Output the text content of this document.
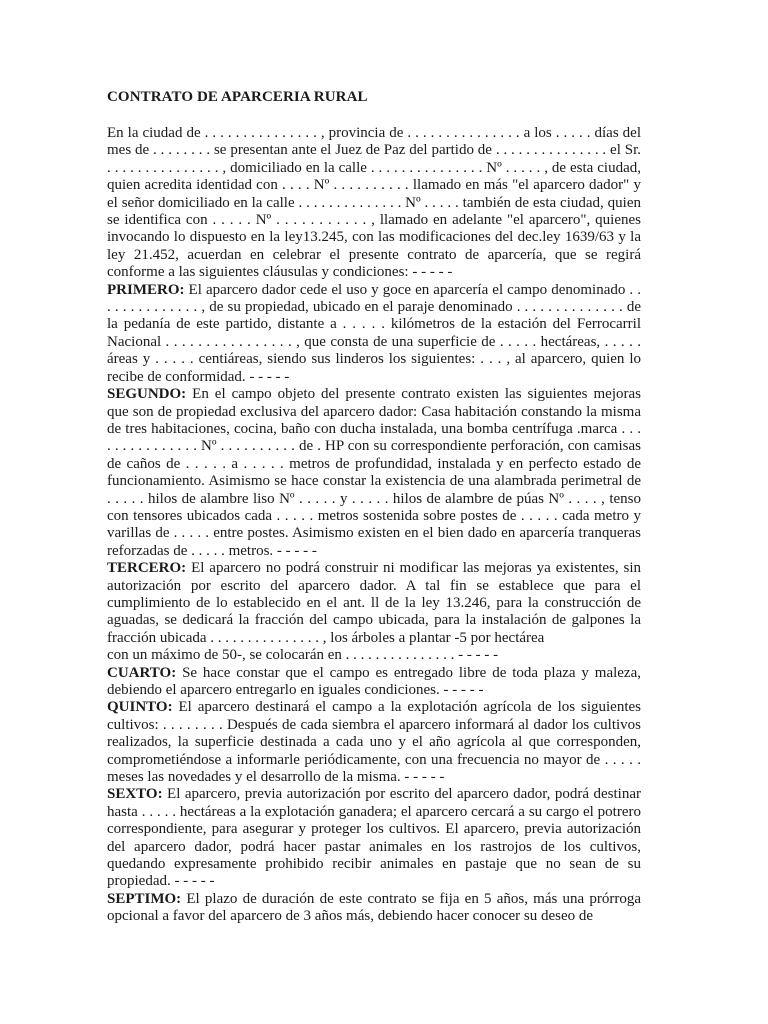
CONTRATO DE APARCERIA RURAL

En la ciudad de . . . . . . . . . . . . . . . , provincia de . . . . . . . . . . . . . . . a los . . . . . días del mes de . . . . . . . . se presentan ante el Juez de Paz del partido de . . . . . . . . . . . . . . . el Sr. . . . . . . . . . . . . . . . , domiciliado en la calle . . . . . . . . . . . . . . . Nº . . . . . , de esta ciudad, quien acredita identidad con . . . . Nº . . . . . . . . . . llamado en más "el aparcero dador" y el señor domiciliado en la calle . . . . . . . . . . . . . . Nº . . . . . también de esta ciudad, quien se identifica con . . . . . Nº . . . . . . . . . . . , llamado en adelante "el aparcero", quienes invocando lo dispuesto en la ley13.245, con las modificaciones del dec.ley 1639/63 y la ley 21.452, acuerdan en celebrar el presente contrato de aparcería, que se regirá conforme a las siguientes cláusulas y condiciones: - - - - -

PRIMERO: El aparcero dador cede el uso y goce en aparcería el campo denominado . . . . . . . . . . . . . . , de su propiedad, ubicado en el paraje denominado . . . . . . . . . . . . . . de la pedanía de este partido, distante a . . . . . kilómetros de la estación del Ferrocarril Nacional . . . . . . . . . . . . . . . . , que consta de una superficie de . . . . . hectáreas, . . . . . áreas y . . . . . centiáreas, siendo sus linderos los siguientes: . . . , al aparcero, quien lo recibe de conformidad. - - - - -

SEGUNDO: En el campo objeto del presente contrato existen las siguientes mejoras que son de propiedad exclusiva del aparcero dador: Casa habitación constando la misma de tres habitaciones, cocina, baño con ducha instalada, una bomba centrífuga .marca . . . . . . . . . . . . . . . Nº . . . . . . . . . . de . HP con su correspondiente perforación, con camisas de caños de . . . . . a . . . . . metros de profundidad, instalada y en perfecto estado de funcionamiento. Asimismo se hace constar la existencia de una alambrada perimetral de . . . . . hilos de alambre liso Nº . . . . . y . . . . . hilos de alambre de púas Nº . . . . , tenso con tensores ubicados cada . . . . . metros sostenida sobre postes de . . . . . cada metro y varillas de . . . . . entre postes. Asimismo existen en el bien dado en aparcería tranqueras reforzadas de . . . . . metros. - - - - -

TERCERO: El aparcero no podrá construir ni modificar las mejoras ya existentes, sin autorización por escrito del aparcero dador. A tal fin se establece que para el cumplimiento de lo establecido en el ant. ll de la ley 13.246, para la construcción de aguadas, se dedicará la fracción del campo ubicada, para la instalación de galpones la fracción ubicada . . . . . . . . . . . . . . . , los árboles a plantar -5 por hectárea

con un máximo de 50-, se colocarán en . . . . . . . . . . . . . . . - - - - -

CUARTO: Se hace constar que el campo es entregado libre de toda plaza y maleza, debiendo el aparcero entregarlo en iguales condiciones. - - - - -

QUINTO: El aparcero destinará el campo a la explotación agrícola de los siguientes cultivos: . . . . . . . . Después de cada siembra el aparcero informará al dador los cultivos realizados, la superficie destinada a cada uno y el año agrícola al que corresponden, comprometiéndose a informarle periódicamente, con una frecuencia no mayor de . . . . . meses las novedades y el desarrollo de la misma. - - - - -

SEXTO: El aparcero, previa autorización por escrito del aparcero dador, podrá destinar hasta . . . . . hectáreas a la explotación ganadera; el aparcero cercará a su cargo el potrero correspondiente, para asegurar y proteger los cultivos. El aparcero, previa autorización del aparcero dador, podrá hacer pastar animales en los rastrojos de los cultivos, quedando expresamente prohibido recibir animales en pastaje que no sean de su propiedad. - - - - -

SEPTIMO: El plazo de duración de este contrato se fija en 5 años, más una prórroga opcional a favor del aparcero de 3 años más, debiendo hacer conocer su deseo de
